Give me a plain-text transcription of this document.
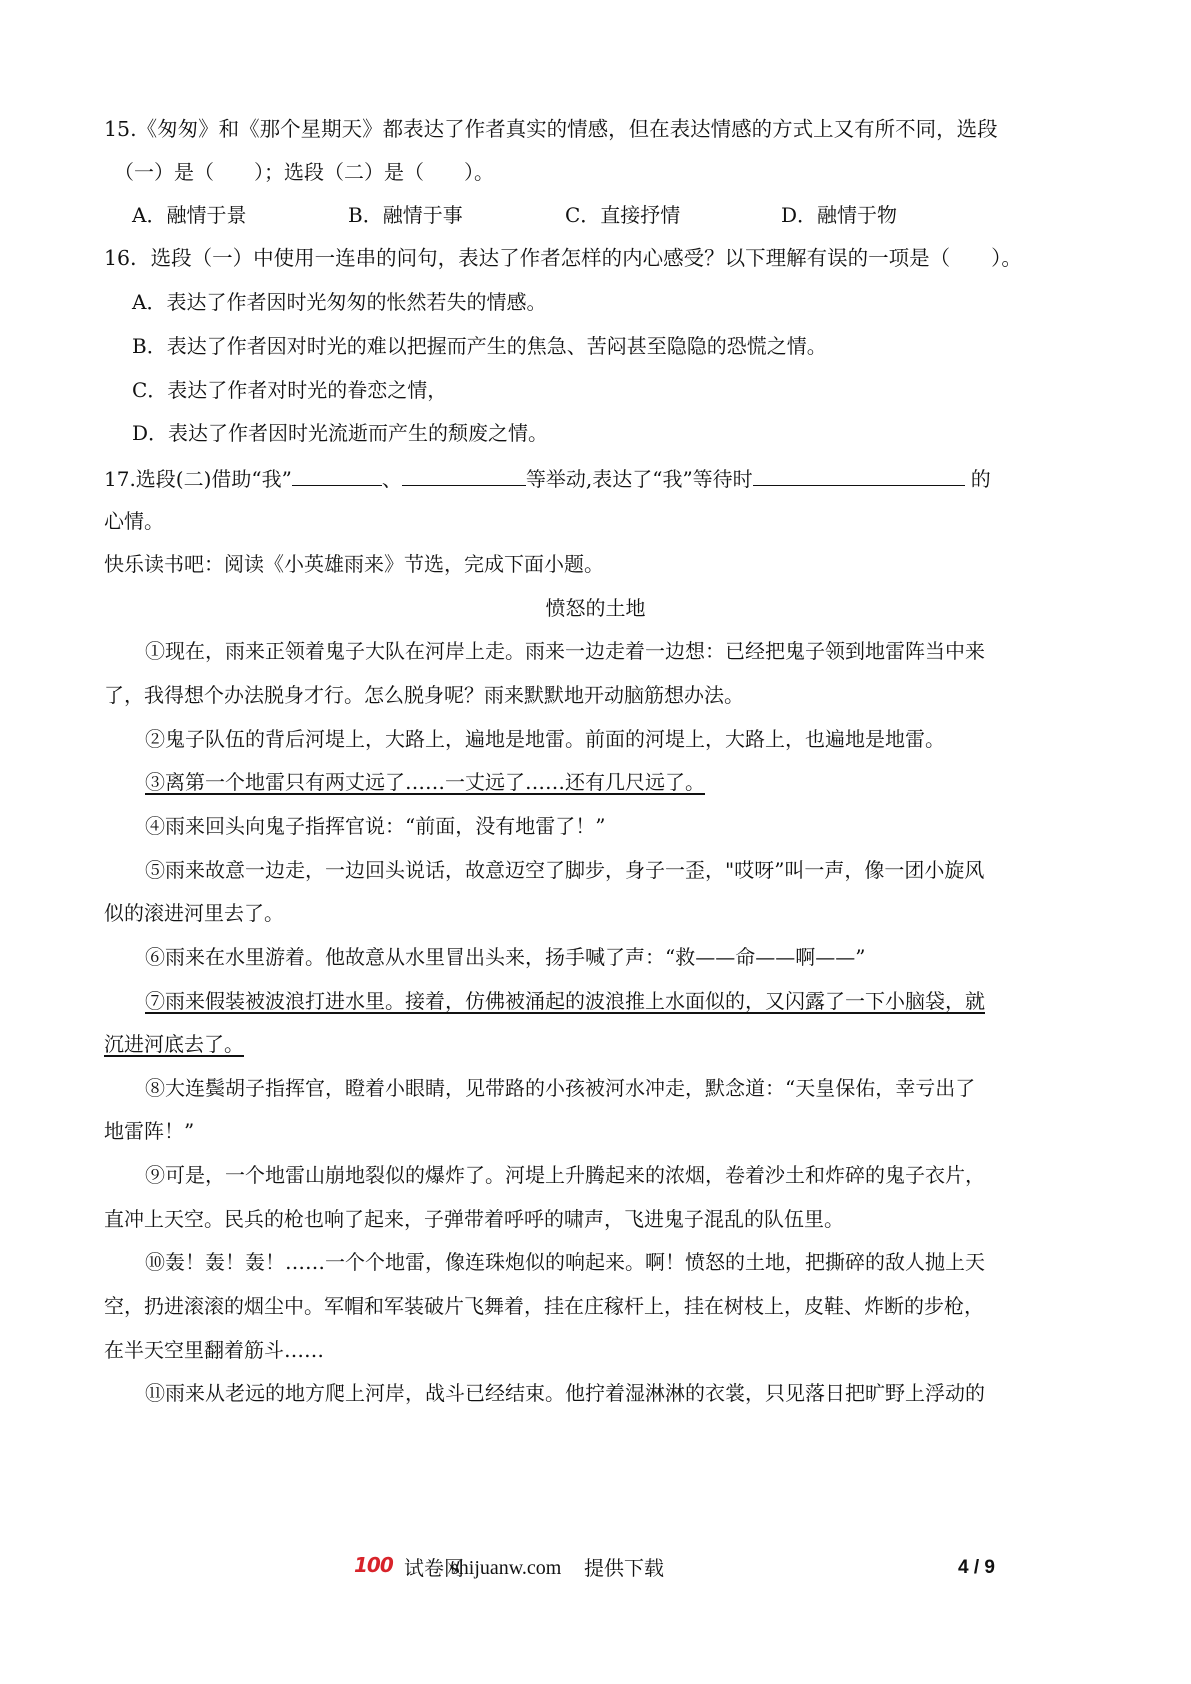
15.《匆匆》和《那个星期天》都表达了作者真实的情感，但在表达情感的方式上又有所不同，选段
（一）是（　　）；选段（二）是（　　）。
A．融情于景	B．融情于事	C．直接抒情	D．融情于物
16．选段（一）中使用一连串的问句，表达了作者怎样的内心感受？以下理解有误的一项是（　　）。
A．表达了作者因时光匆匆的怅然若失的情感。
B．表达了作者因对时光的难以把握而产生的焦急、苦闷甚至隐隐的恐慌之情。
C．表达了作者对时光的眷恋之情，
D．表达了作者因时光流逝而产生的颓废之情。
17.选段(二)借助“我”	、	等举动,表达了“我”等待时	的
心情。
快乐读书吧：阅读《小英雄雨来》节选，完成下面小题。
愤怒的土地
①现在，雨来正领着鬼子大队在河岸上走。雨来一边走着一边想：已经把鬼子领到地雷阵当中来
了，我得想个办法脱身才行。怎么脱身呢？雨来默默地开动脑筋想办法。
②鬼子队伍的背后河堤上，大路上，遍地是地雷。前面的河堤上，大路上，也遍地是地雷。
③离第一个地雷只有两丈远了……一丈远了……还有几尺远了。
④雨来回头向鬼子指挥官说：“前面，没有地雷了！”
⑤雨来故意一边走，一边回头说话，故意迈空了脚步，身子一歪，"哎呀”叫一声，像一团小旋风
似的滚进河里去了。
⑥雨来在水里游着。他故意从水里冒出头来，扬手喊了声：“救——命——啊——”
⑦雨来假装被波浪打进水里。接着，仿佛被涌起的波浪推上水面似的，又闪露了一下小脑袋，就
沉进河底去了。
⑧大连鬓胡子指挥官，瞪着小眼睛，见带路的小孩被河水冲走，默念道：“天皇保佑，幸亏出了
地雷阵！”
⑨可是，一个地雷山崩地裂似的爆炸了。河堤上升腾起来的浓烟，卷着沙土和炸碎的鬼子衣片，
直冲上天空。民兵的枪也响了起来，子弹带着呼呼的啸声，飞进鬼子混乱的队伍里。
⑩轰！轰！轰！……一个个地雷，像连珠炮似的响起来。啊！愤怒的土地，把撕碎的敌人抛上天
空，扔进滚滚的烟尘中。军帽和军装破片飞舞着，挂在庄稼杆上，挂在树枝上，皮鞋、炸断的步枪，
在半天空里翻着筋斗……
⑪雨来从老远的地方爬上河岸，战斗已经结束。他拧着湿淋淋的衣裳，只见落日把旷野上浮动的
100 试卷网
shijuanw.com 提供下载	4 / 9
